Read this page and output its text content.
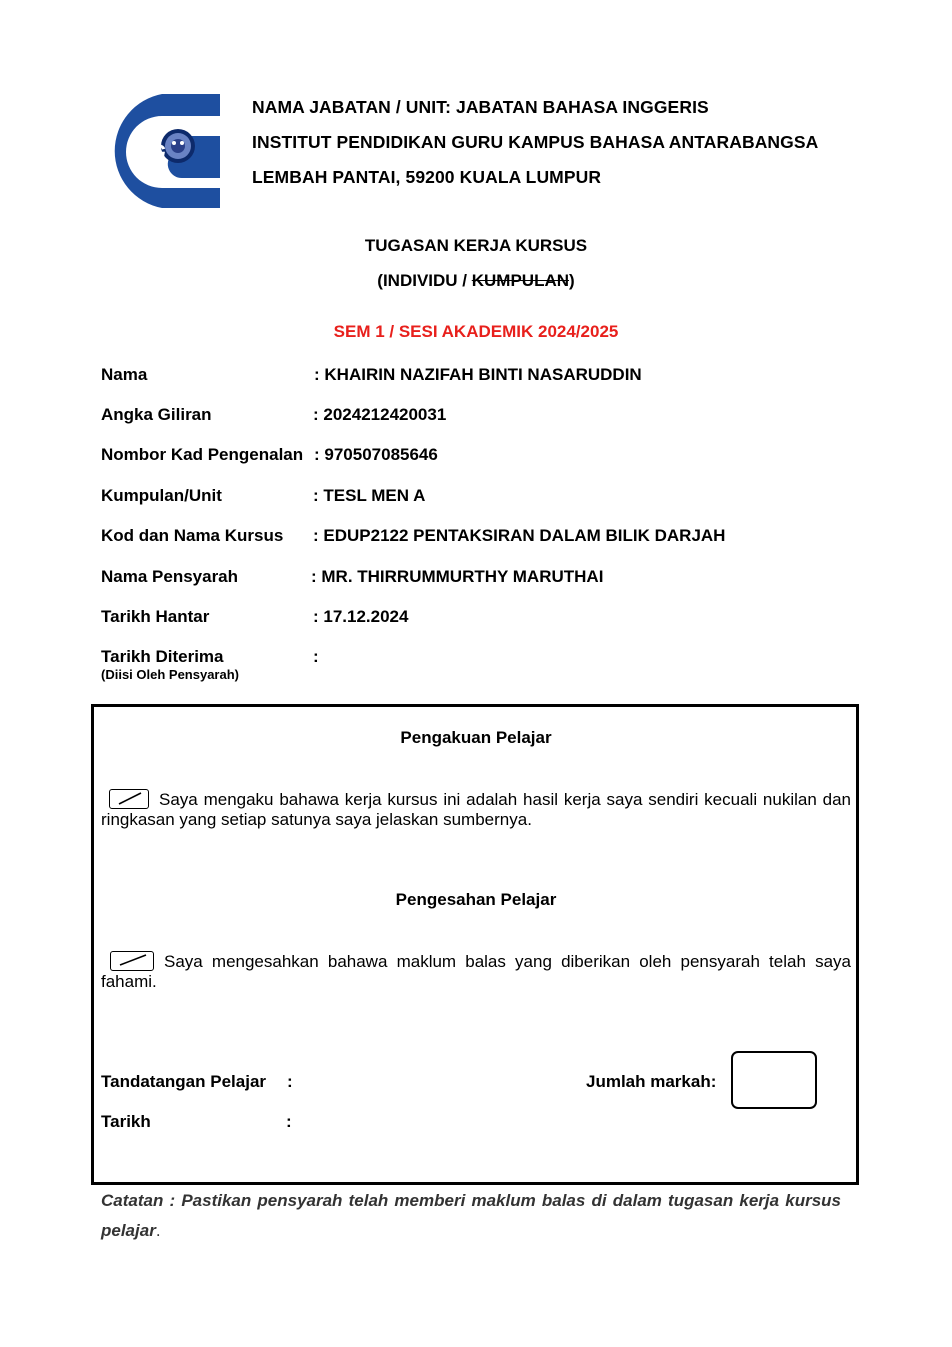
IPG
NAMA JABATAN / UNIT: JABATAN BAHASA INGGERIS
INSTITUT PENDIDIKAN GURU KAMPUS BAHASA ANTARABANGSA
LEMBAH PANTAI, 59200 KUALA LUMPUR
TUGASAN KERJA KURSUS
(INDIVIDU / KUMPULAN)
SEM 1 / SESI AKADEMIK 2024/2025
Nama	: KHAIRIN NAZIFAH BINTI NASARUDDIN
Angka Giliran	: 2024212420031
Nombor Kad Pengenalan : 970507085646
Kumpulan/Unit	: TESL MEN A
Kod dan Nama Kursus : EDUP2122 PENTAKSIRAN DALAM BILIK DARJAH
Nama Pensyarah	: MR. THIRRUMMURTHY MARUTHAI
Tarikh Hantar	: 17.12.2024
Tarikh Diterima	:
(Diisi Oleh Pensyarah)
Pengakuan Pelajar
Saya mengaku bahawa kerja kursus ini adalah hasil kerja saya sendiri kecuali nukilan dan ringkasan yang setiap satunya saya jelaskan sumbernya.
Pengesahan Pelajar
Saya mengesahkan bahawa maklum balas yang diberikan oleh pensyarah telah saya fahami.
Tandatangan Pelajar :
Tarikh	:
Jumlah markah:
Catatan : Pastikan pensyarah telah memberi maklum balas di dalam tugasan kerja kursus pelajar.
